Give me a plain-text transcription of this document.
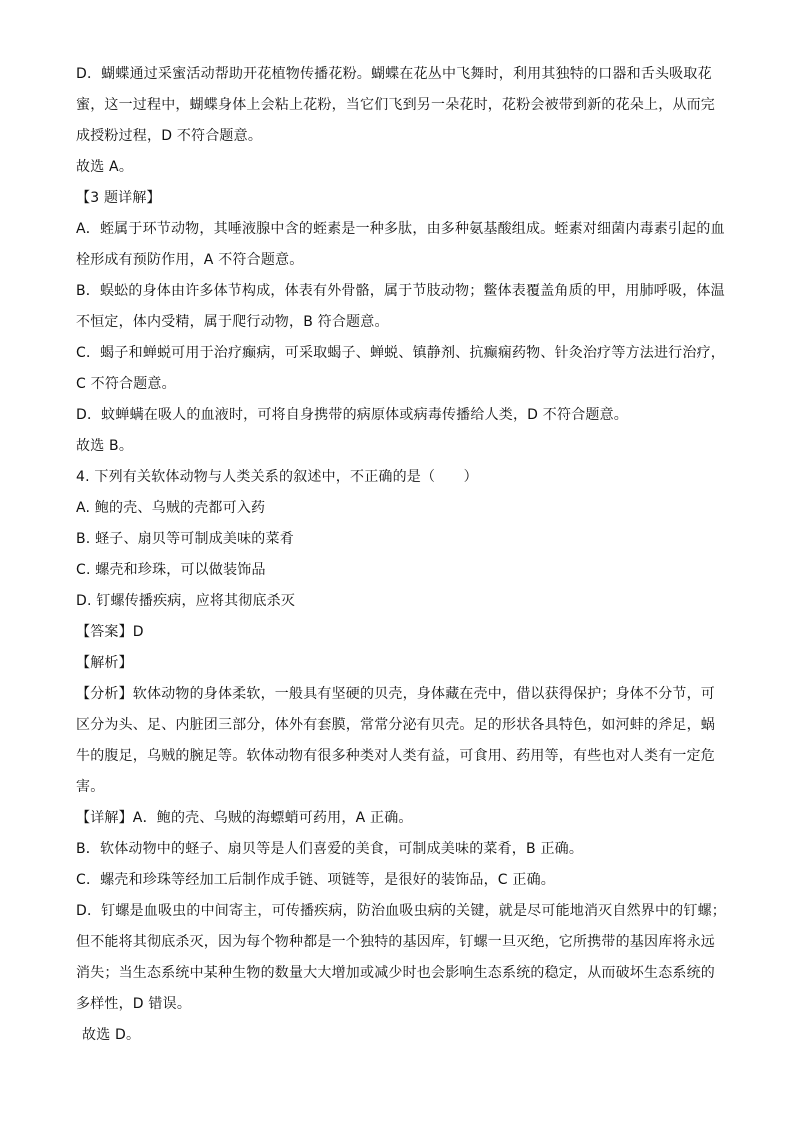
D．蝴蝶通过采蜜活动帮助开花植物传播花粉。蝴蝶在花丛中飞舞时，利用其独特的口器和舌头吸取花
蜜，这一过程中，蝴蝶身体上会粘上花粉，当它们飞到另一朵花时，花粉会被带到新的花朵上，从而完
成授粉过程，D 不符合题意。
故选 A。
【3 题详解】
A．蛭属于环节动物，其唾液腺中含的蛭素是一种多肽，由多种氨基酸组成。蛭素对细菌内毒素引起的血
栓形成有预防作用，A 不符合题意。
B．蜈蚣的身体由许多体节构成，体表有外骨骼，属于节肢动物；鳖体表覆盖角质的甲，用肺呼吸，体温
不恒定，体内受精，属于爬行动物，B 符合题意。
C．蝎子和蝉蜕可用于治疗癫病，可采取蝎子、蝉蜕、镇静剂、抗癫痫药物、针灸治疗等方法进行治疗，
C 不符合题意。
D．蚊蝉螨在吸人的血液时，可将自身携带的病原体或病毒传播给人类，D 不符合题意。
故选 B。
4. 下列有关软体动物与人类关系的叙述中，不正确的是（　　）
A. 鲍的壳、乌贼的壳都可入药
B. 蛏子、扇贝等可制成美味的菜肴
C. 螺壳和珍珠，可以做装饰品
D. 钉螺传播疾病，应将其彻底杀灭
【答案】D
【解析】
【分析】软体动物的身体柔软，一般具有坚硬的贝壳，身体藏在壳中，借以获得保护；身体不分节，可
区分为头、足、内脏团三部分，体外有套膜，常常分泌有贝壳。足的形状各具特色，如河蚌的斧足，蜗
牛的腹足，乌贼的腕足等。软体动物有很多种类对人类有益，可食用、药用等，有些也对人类有一定危
害。
【详解】A．鲍的壳、乌贼的海螵蛸可药用，A 正确。
B．软体动物中的蛏子、扇贝等是人们喜爱的美食，可制成美味的菜肴，B 正确。
C．螺壳和珍珠等经加工后制作成手链、项链等，是很好的装饰品，C 正确。
D．钉螺是血吸虫的中间寄主，可传播疾病，防治血吸虫病的关键，就是尽可能地消灭自然界中的钉螺；
但不能将其彻底杀灭，因为每个物种都是一个独特的基因库，钉螺一旦灭绝，它所携带的基因库将永远
消失；当生态系统中某种生物的数量大大增加或减少时也会影响生态系统的稳定，从而破坏生态系统的
多样性，D 错误。
故选 D。
